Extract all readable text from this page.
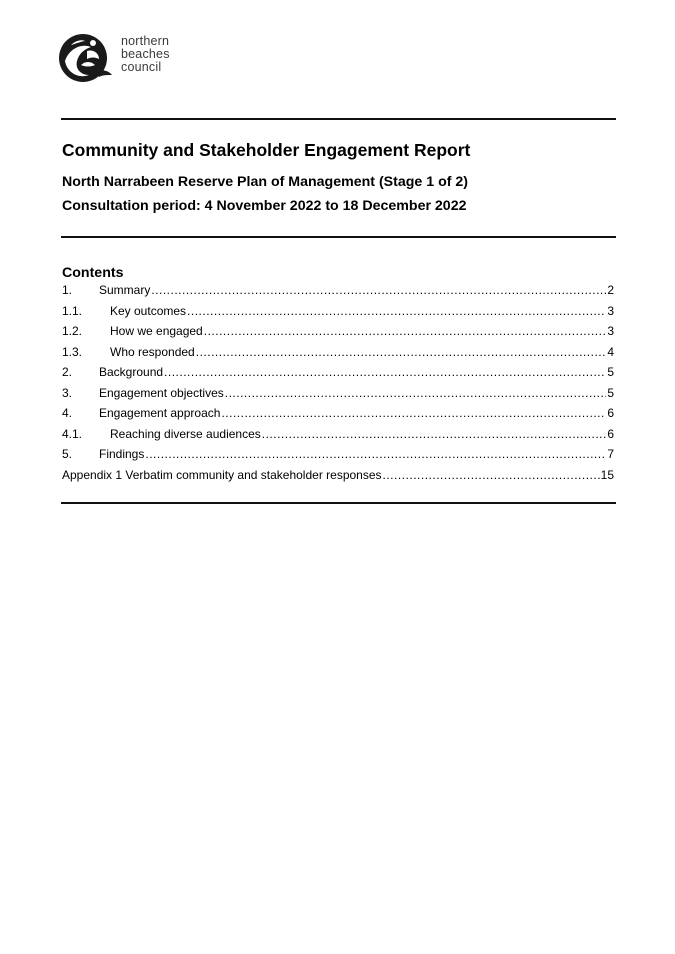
northern
beaches
council
Community and Stakeholder Engagement Report
North Narrabeen Reserve Plan of Management (Stage 1 of 2)
Consultation period: 4 November 2022 to 18 December 2022
Contents
1.	Summary .....	2
1.1.	Key outcomes .....	3
1.2.	How we engaged .....	3
1.3.	Who responded .....	4
2.	Background .....	5
3.	Engagement objectives .....	5
4.	Engagement approach .....	6
4.1.	Reaching diverse audiences .....	6
5.	Findings .....	7
Appendix 1 Verbatim community and stakeholder responses .....	15
